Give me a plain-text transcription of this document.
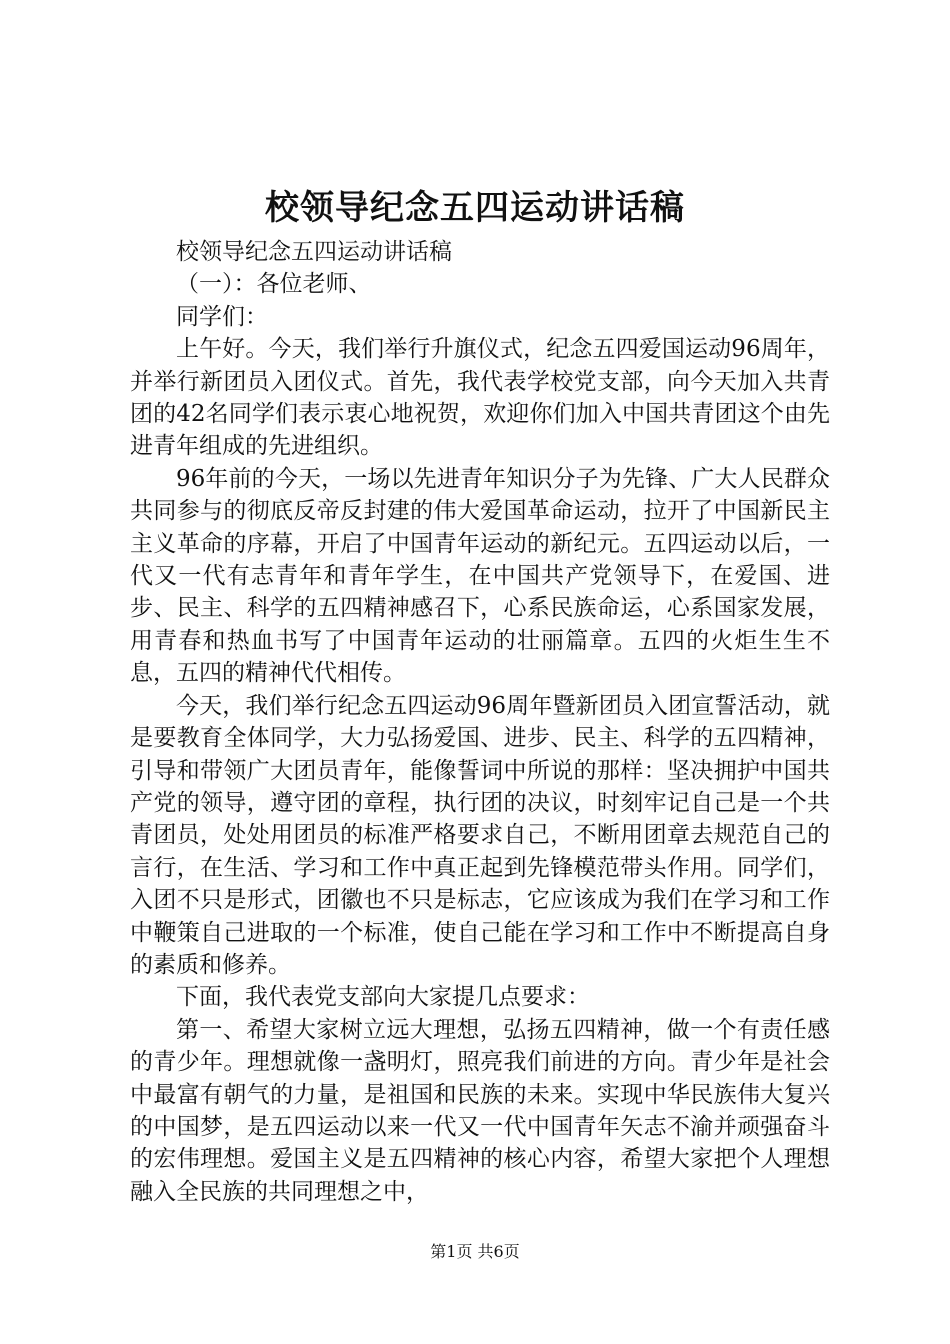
校领导纪念五四运动讲话稿

校领导纪念五四运动讲话稿

（一）：各位老师、

同学们：

上午好。今天，我们举行升旗仪式，纪念五四爱国运动96周年，并举行新团员入团仪式。首先，我代表学校党支部，向今天加入共青团的42名同学们表示衷心地祝贺，欢迎你们加入中国共青团这个由先进青年组成的先进组织。

96年前的今天，一场以先进青年知识分子为先锋、广大人民群众共同参与的彻底反帝反封建的伟大爱国革命运动，拉开了中国新民主主义革命的序幕，开启了中国青年运动的新纪元。五四运动以后，一代又一代有志青年和青年学生，在中国共产党领导下，在爱国、进步、民主、科学的五四精神感召下，心系民族命运，心系国家发展，用青春和热血书写了中国青年运动的壮丽篇章。五四的火炬生生不息，五四的精神代代相传。

今天，我们举行纪念五四运动96周年暨新团员入团宣誓活动，就是要教育全体同学，大力弘扬爱国、进步、民主、科学的五四精神，引导和带领广大团员青年，能像誓词中所说的那样：坚决拥护中国共产党的领导，遵守团的章程，执行团的决议，时刻牢记自己是一个共青团员，处处用团员的标准严格要求自己，不断用团章去规范自己的言行，在生活、学习和工作中真正起到先锋模范带头作用。同学们，入团不只是形式，团徽也不只是标志，它应该成为我们在学习和工作中鞭策自己进取的一个标准，使自己能在学习和工作中不断提高自身的素质和修养。

下面，我代表党支部向大家提几点要求：

第一、希望大家树立远大理想，弘扬五四精神，做一个有责任感的青少年。理想就像一盏明灯，照亮我们前进的方向。青少年是社会中最富有朝气的力量，是祖国和民族的未来。实现中华民族伟大复兴的中国梦，是五四运动以来一代又一代中国青年矢志不渝并顽强奋斗的宏伟理想。爱国主义是五四精神的核心内容，希望大家把个人理想融入全民族的共同理想之中，

第1页 共6页
